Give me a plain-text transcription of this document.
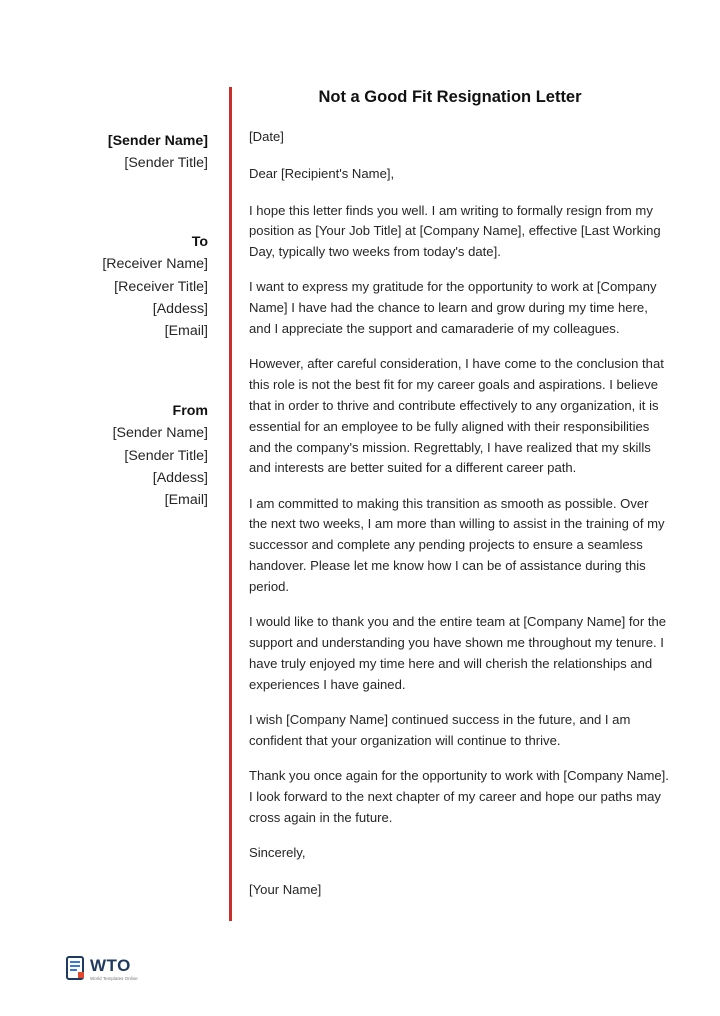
[Sender Name]
[Sender Title]
To
[Receiver Name]
[Receiver Title]
[Addess]
[Email]
From
[Sender Name]
[Sender Title]
[Addess]
[Email]
Not a Good Fit Resignation Letter

[Date]

Dear [Recipient's Name],

I hope this letter finds you well. I am writing to formally resign from my position as [Your Job Title] at [Company Name], effective [Last Working Day, typically two weeks from today's date].

I want to express my gratitude for the opportunity to work at [Company Name] I have had the chance to learn and grow during my time here, and I appreciate the support and camaraderie of my colleagues.

However, after careful consideration, I have come to the conclusion that this role is not the best fit for my career goals and aspirations. I believe that in order to thrive and contribute effectively to any organization, it is essential for an employee to be fully aligned with their responsibilities and the company's mission. Regrettably, I have realized that my skills and interests are better suited for a different career path.

I am committed to making this transition as smooth as possible. Over the next two weeks, I am more than willing to assist in the training of my successor and complete any pending projects to ensure a seamless handover. Please let me know how I can be of assistance during this period.

I would like to thank you and the entire team at [Company Name] for the support and understanding you have shown me throughout my tenure. I have truly enjoyed my time here and will cherish the relationships and experiences I have gained.

I wish [Company Name] continued success in the future, and I am confident that your organization will continue to thrive.

Thank you once again for the opportunity to work with [Company Name]. I look forward to the next chapter of my career and hope our paths may cross again in the future.

Sincerely,

[Your Name]

WTO
World Templates Online
